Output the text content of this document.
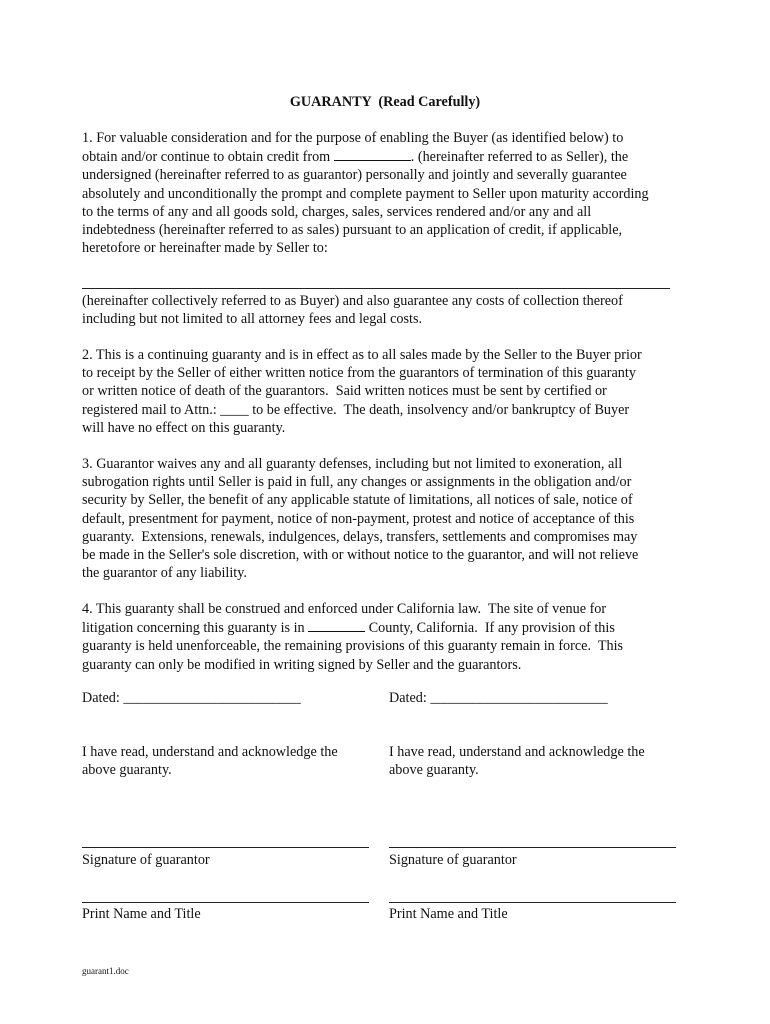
GUARANTY  (Read Carefully)
1. For valuable consideration and for the purpose of enabling the Buyer (as identified below) to
obtain and/or continue to obtain credit from	. (hereinafter referred to as Seller), the
undersigned (hereinafter referred to as guarantor) personally and jointly and severally guarantee
absolutely and unconditionally the prompt and complete payment to Seller upon maturity according
to the terms of any and all goods sold, charges, sales, services rendered and/or any and all
indebtedness (hereinafter referred to as sales) pursuant to an application of credit, if applicable,
heretofore or hereinafter made by Seller to:
(hereinafter collectively referred to as Buyer) and also guarantee any costs of collection thereof
including but not limited to all attorney fees and legal costs.
2. This is a continuing guaranty and is in effect as to all sales made by the Seller to the Buyer prior
to receipt by the Seller of either written notice from the guarantors of termination of this guaranty
or written notice of death of the guarantors.  Said written notices must be sent by certified or
registered mail to Attn.: ____ to be effective.  The death, insolvency and/or bankruptcy of Buyer
will have no effect on this guaranty.
3. Guarantor waives any and all guaranty defenses, including but not limited to exoneration, all
subrogation rights until Seller is paid in full, any changes or assignments in the obligation and/or
security by Seller, the benefit of any applicable statute of limitations, all notices of sale, notice of
default, presentment for payment, notice of non-payment, protest and notice of acceptance of this
guaranty.  Extensions, renewals, indulgences, delays, transfers, settlements and compromises may
be made in the Seller's sole discretion, with or without notice to the guarantor, and will not relieve
the guarantor of any liability.
4. This guaranty shall be construed and enforced under California law.  The site of venue for
litigation concerning this guaranty is in	County, California.  If any provision of this
guaranty is held unenforceable, the remaining provisions of this guaranty remain in force.  This
guaranty can only be modified in writing signed by Seller and the guarantors.
Dated: _________________________
I have read, understand and acknowledge the
above guaranty.
Signature of guarantor
Print Name and Title
Dated: _________________________
I have read, understand and acknowledge the
above guaranty.
Signature of guarantor
Print Name and Title
guarant1.doc
